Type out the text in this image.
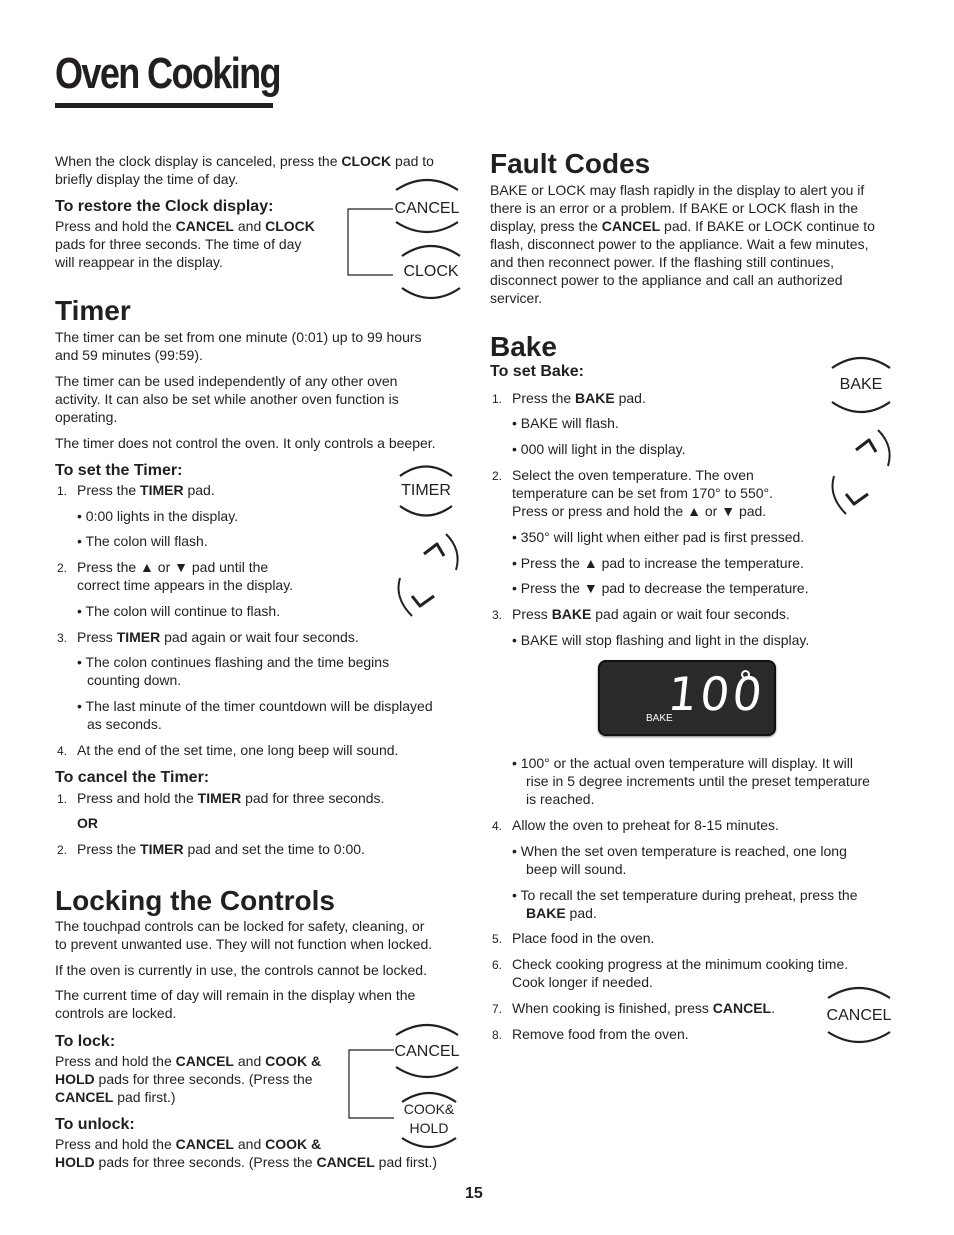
Oven Cooking
When the clock display is canceled, press the CLOCK pad to
briefly display the time of day.
To restore the Clock display:
Press and hold the CANCEL and CLOCK
pads for three seconds. The time of day
will reappear in the display.
CANCEL
CLOCK
Timer
The timer can be set from one minute (0:01) up to 99 hours
and 59 minutes (99:59).
The timer can be used independently of any other oven
activity. It can also be set while another oven function is
operating.
The timer does not control the oven. It only controls a beeper.
To set the Timer:
1. Press the TIMER pad.
• 0:00 lights in the display.
• The colon will flash.
2. Press the ▲ or ▼ pad until the
correct time appears in the display.
• The colon will continue to flash.
3. Press TIMER pad again or wait four seconds.
• The colon continues flashing and the time begins
counting down.
• The last minute of the timer countdown will be displayed
as seconds.
4. At the end of the set time, one long beep will sound.
TIMER
To cancel the Timer:
1. Press and hold the TIMER pad for three seconds.
OR
2. Press the TIMER pad and set the time to 0:00.
Locking the Controls
The touchpad controls can be locked for safety, cleaning, or
to prevent unwanted use. They will not function when locked.
If the oven is currently in use, the controls cannot be locked.
The current time of day will remain in the display when the
controls are locked.
To lock:
Press and hold the CANCEL and COOK &
HOLD pads for three seconds. (Press the
CANCEL pad first.)
To unlock:
Press and hold the CANCEL and COOK &
HOLD pads for three seconds. (Press the CANCEL pad first.)
CANCEL
COOK&
HOLD
Fault Codes
BAKE or LOCK may flash rapidly in the display to alert you if
there is an error or a problem. If BAKE or LOCK flash in the
display, press the CANCEL pad. If BAKE or LOCK continue to
flash, disconnect power to the appliance. Wait a few minutes,
and then reconnect power. If the flashing still continues,
disconnect power to the appliance and call an authorized
servicer.
Bake
To set Bake:
1. Press the BAKE pad.
• BAKE will flash.
• 000 will light in the display.
2. Select the oven temperature. The oven
temperature can be set from 170° to 550°.
Press or press and hold the ▲ or ▼ pad.
• 350° will light when either pad is first pressed.
• Press the ▲ pad to increase the temperature.
• Press the ▼ pad to decrease the temperature.
3. Press BAKE pad again or wait four seconds.
• BAKE will stop flashing and light in the display.
100
BAKE
• 100° or the actual oven temperature will display. It will
rise in 5 degree increments until the preset temperature
is reached.
4. Allow the oven to preheat for 8-15 minutes.
• When the set oven temperature is reached, one long
beep will sound.
• To recall the set temperature during preheat, press the
BAKE pad.
5. Place food in the oven.
6. Check cooking progress at the minimum cooking time.
Cook longer if needed.
7. When cooking is finished, press CANCEL.
8. Remove food from the oven.
BAKE
CANCEL
15
